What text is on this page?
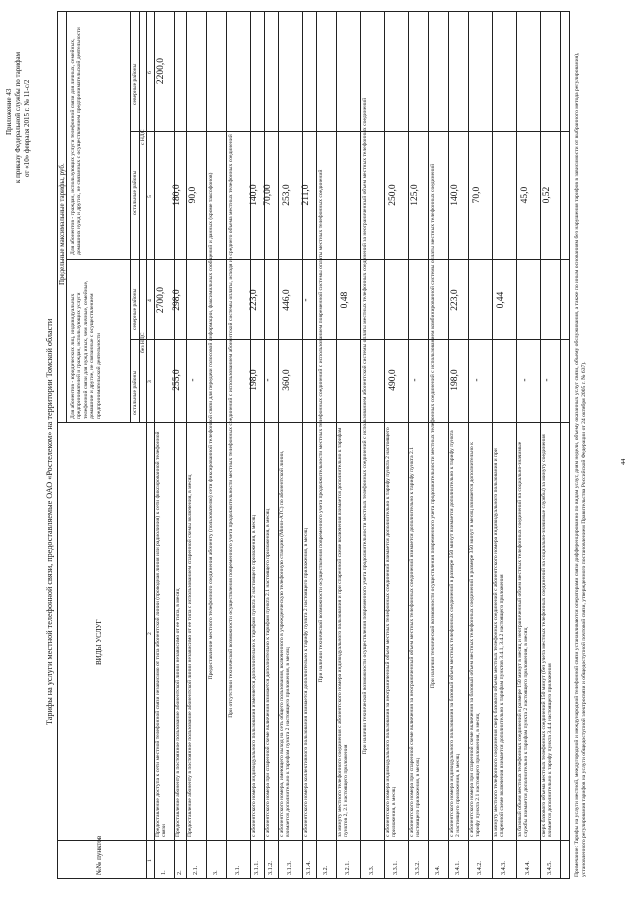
Приложение 43 к приказу Федеральной службы по тарифам от «10» февраля 2015 г. № 11-с/2
Тарифы на услуги местной телефонной связи, предоставляемые ОАО «Ростелеком» на территории Томской области
№№ пунктов
ВИДЫ УСЛУГ
Предельные максимальные тарифы, руб.
Для абонентов - юридических лиц, индивидуальных предпринимателей и граждан, использующих услуги телефонной связи для нужд иных, чем личные, семейные, домашние и другие, не связанные с осуществлением предпринимательской деятельности
Для абонентов - граждан, использующих услуги телефонной связи для личных, семейных, домашних нужд и других, не связанных с осуществлением предпринимательской деятельности
остальные районы
северные районы
остальные районы
северные районы
без НДС
с НДС
1
2
3
4
5
6
1.
Предоставление доступа к сети местной телефонной связи независимо от типа абонентской линии (проводная линия или радиолиния) к сети фиксированной телефонной связи
2700,0
2200,0
2.
Предоставление абоненту в постоянное пользование абонентской линии независимо от ее типа, в месяц
255,0
298,0
180,0
2.1.
Предоставление абоненту в постоянное пользование абонентской линии независимо от ее типа с использованием спаренной схемы включения, в месяц
-
90,0
3.
Предоставление местного телефонного соединения абоненту (пользователю) сети фиксированной телефонной связи для передачи голосовой информации, факсимильных сообщений и данных (кроме таксофонов)
3.1.
При отсутствии технической возможности осуществления повременного учета продолжительности местных телефонных соединений с использованием абонентской системы оплаты, исходя из среднего объема местных телефонных соединений
3.1.1.
с абонентского номера индивидуального пользования изменяется дополнительно к тарифам пункта 2 настоящего приложения, в месяц
198,0
223,0
140,0
3.1.2.
с абонентского номера при спаренной схеме включения взимается дополнительно к тарифам пункта 2.1 настоящего приложения, в месяц
-
70,00
3.1.3.
с абонентского номера, имеющего выход на сеть общего пользования, включенного в учрежденческую телефонную станцию (Мини-АТС) по абонентской линии, взимается дополнительно к тарифам пункта 2 настоящего приложения, в месяц
360,0
446,0
253,0
3.1.4.
с абонентского номера коллективного пользования взимается дополнительно к тарифу пункта 2 настоящего приложения, в месяц
-
211,0
3.2.
При наличии технической возможности осуществления повременного учета продолжительности местных телефонных соединений с использованием повременной системы оплаты местных телефонных соединений
3.2.1.
за минуту местного телефонного соединения с абонентского номера индивидуального пользования и при спаренной схеме включения взимается дополнительно к тарифам пунктов 2, 2.1 настоящего приложения
0,48
3.3.
При наличии технической возможности осуществления повременного учета продолжительности местных телефонных соединений с использованием абонентской системы оплаты местных телефонных соединений за неограниченный объем местных телефонных соединений
3.3.1.
с абонентского номера индивидуального пользования за неограниченный объем местных телефонных соединений взимается дополнительно к тарифу пункта 2 настоящего приложения, в месяц
490,0
250,0
3.3.2.
с абонентского номера при спаренной схеме включения за неограниченный объем местных телефонных соединений взимается дополнительно к тарифу пункта 2.1 настоящего приложения, в месяц
-
125,0
3.4.
При наличии технической возможности осуществления повременного учета продолжительности местных телефонных соединений с использованием комбинированной системы оплаты местных телефонных соединений
3.4.1.
с абонентского номера индивидуального пользования за базовый объем местных телефонных соединений в размере 350 минут взимается дополнительно к тарифу пункта 2 настоящего приложения, в месяц
198,0
223,0
140,0
3.4.2.
с абонентского номера при спаренной схеме включения за базовый объем местных телефонных соединений в размере 350 минут в месяц взимается дополнительно к тарифу пункта 2.1 настоящего приложения, в месяц
-
70,0
3.4.3.
за минуту местного телефонного соединения сверх базового объема местных телефонных соединений с абонентского номера индивидуального пользования и при спаренной схеме включения взимается дополнительно к тарифам пунктов 3.4.1, 3.4.2 настоящего приложения
0,44
3.4.4.
за базовый объем местных телефонных соединений в размере 150 минут в месяц и неограниченный объем местных телефонных соединений на социально-значимые службы взимается дополнительно к тарифам пункта 2 настоящего приложения, в месяц
-
45,0
3.4.5.
сверх базового объема местных телефонных соединений 150 минут (без учета местных телефонных соединений на социально-значимые службы) за минуту соединения взимается дополнительно к тарифу пункта 3.4.4 настоящего приложения
-
0,52
Примечание: Тарифы на услуги местной, междугородной и международной телефонной связи устанавливаются операторами связи дифференцированно по видам услуг, дням недели, объему оказанных услуг связи, объему обслуживания, а также по иным основаниям без нарушения тарифов в зависимости от выбранного метода регулирования), установленного регулирования тарифов на услуги общедоступной электросвязи и общедоступной почтовой связи, утвержденного постановлением Правительства Российской Федерации от 24 октября 2005 г. № 637).	44
